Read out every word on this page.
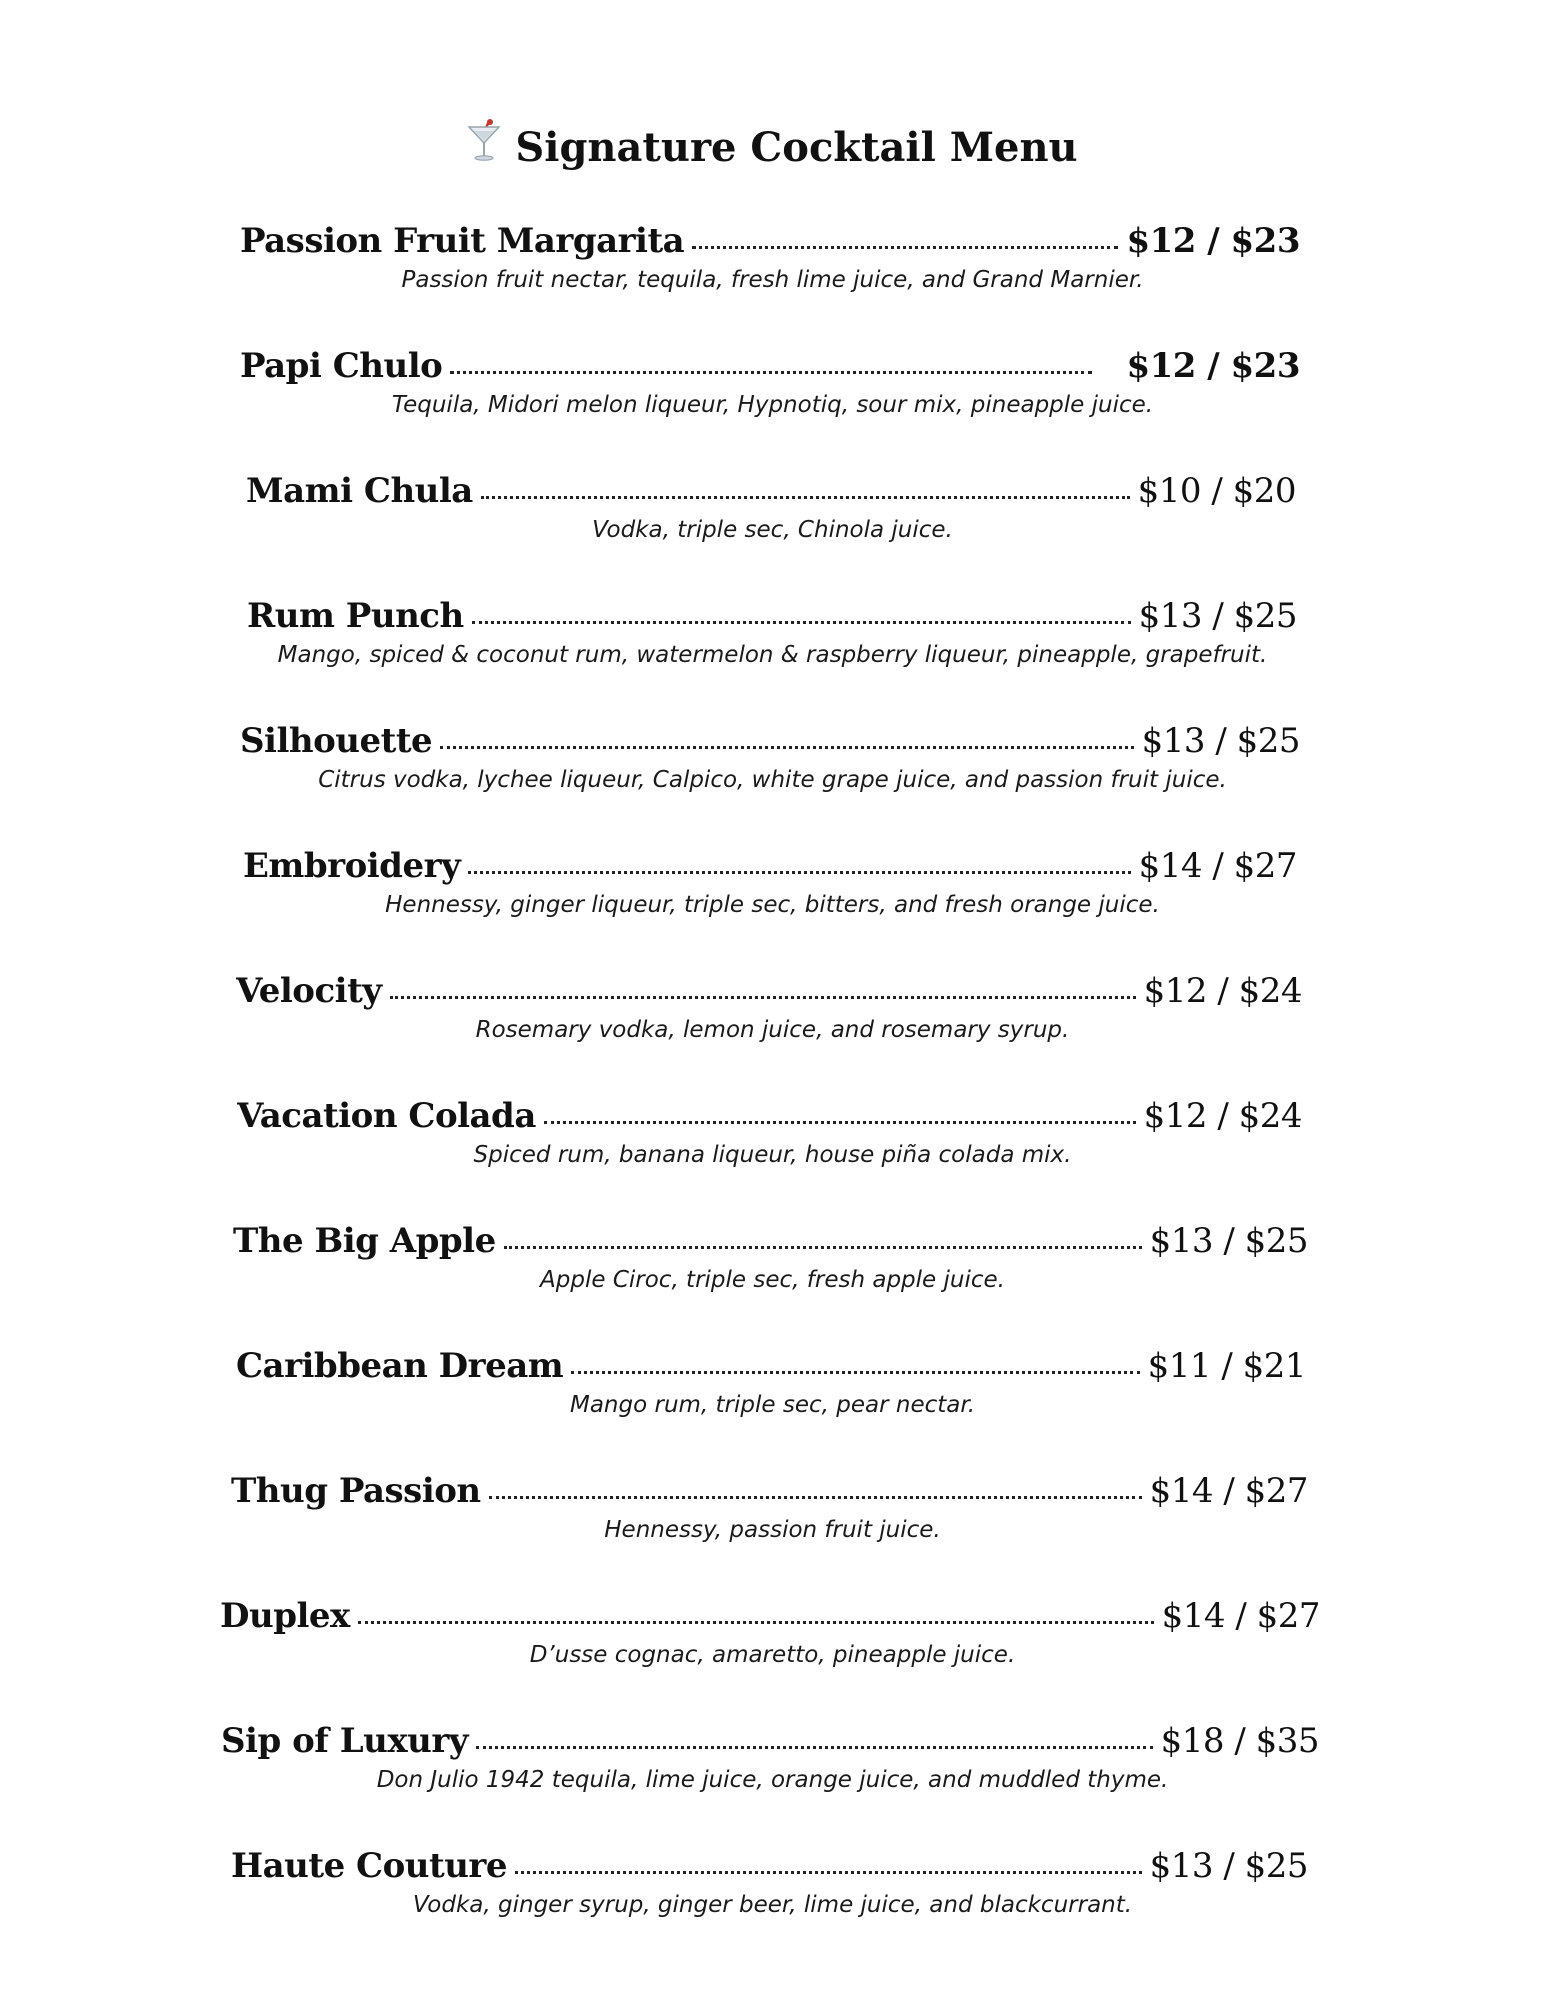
Signature Cocktail Menu
Passion Fruit Margarita	$12 / $23
Passion fruit nectar, tequila, fresh lime juice, and Grand Marnier.
Papi Chulo	$12 / $23
Tequila, Midori melon liqueur, Hypnotiq, sour mix, pineapple juice.
Mami Chula	$10 / $20
Vodka, triple sec, Chinola juice.
Rum Punch	$13 / $25
Mango, spiced & coconut rum, watermelon & raspberry liqueur, pineapple, grapefruit.
Silhouette	$13 / $25
Citrus vodka, lychee liqueur, Calpico, white grape juice, and passion fruit juice.
Embroidery	$14 / $27
Hennessy, ginger liqueur, triple sec, bitters, and fresh orange juice.
Velocity	$12 / $24
Rosemary vodka, lemon juice, and rosemary syrup.
Vacation Colada	$12 / $24
Spiced rum, banana liqueur, house piña colada mix.
The Big Apple	$13 / $25
Apple Ciroc, triple sec, fresh apple juice.
Caribbean Dream	$11 / $21
Mango rum, triple sec, pear nectar.
Thug Passion	$14 / $27
Hennessy, passion fruit juice.
Duplex	$14 / $27
D’usse cognac, amaretto, pineapple juice.
Sip of Luxury	$18 / $35
Don Julio 1942 tequila, lime juice, orange juice, and muddled thyme.
Haute Couture	$13 / $25
Vodka, ginger syrup, ginger beer, lime juice, and blackcurrant.
